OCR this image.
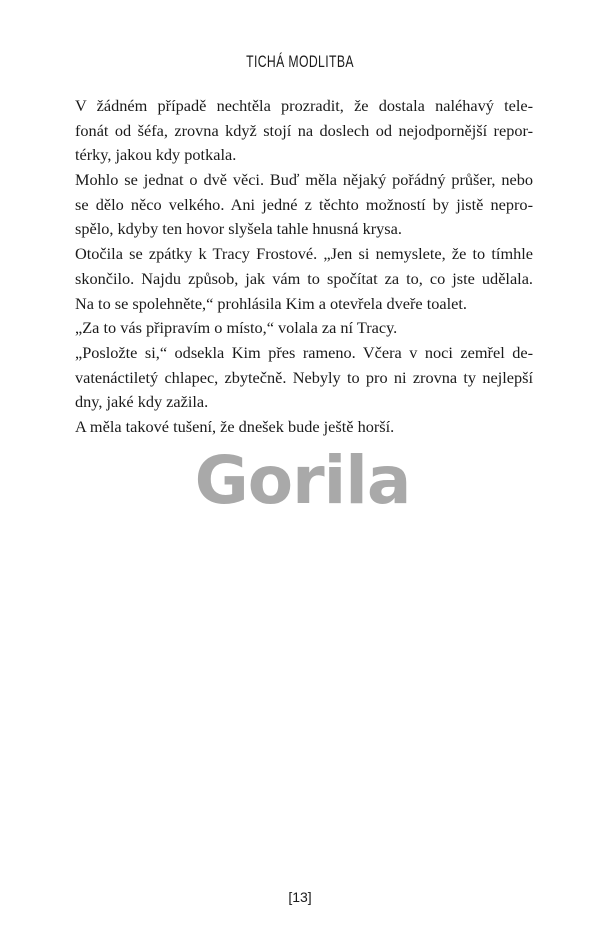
TICHÁ MODLITBA
V žádném případě nechtěla prozradit, že dostala naléhavý tele-
fonát od šéfa, zrovna když stojí na doslech od nejodpornější repor-
térky, jakou kdy potkala.
Mohlo se jednat o dvě věci. Buď měla nějaký pořádný průšer, nebo
se dělo něco velkého. Ani jedné z těchto možností by jistě nepro-
spělo, kdyby ten hovor slyšela tahle hnusná krysa.
Otočila se zpátky k Tracy Frostové. „Jen si nemyslete, že to tímhle
skončilo. Najdu způsob, jak vám to spočítat za to, co jste udělala.
Na to se spolehněte,“ prohlásila Kim a otevřela dveře toalet.
„Za to vás připravím o místo,“ volala za ní Tracy.
„Posložte si,“ odsekla Kim přes rameno. Včera v noci zemřel de-
vatenáctiletý chlapec, zbytečně. Nebyly to pro ni zrovna ty nejlepší
dny, jaké kdy zažila.
A měla takové tušení, že dnešek bude ještě horší.
Gorila
[13]
